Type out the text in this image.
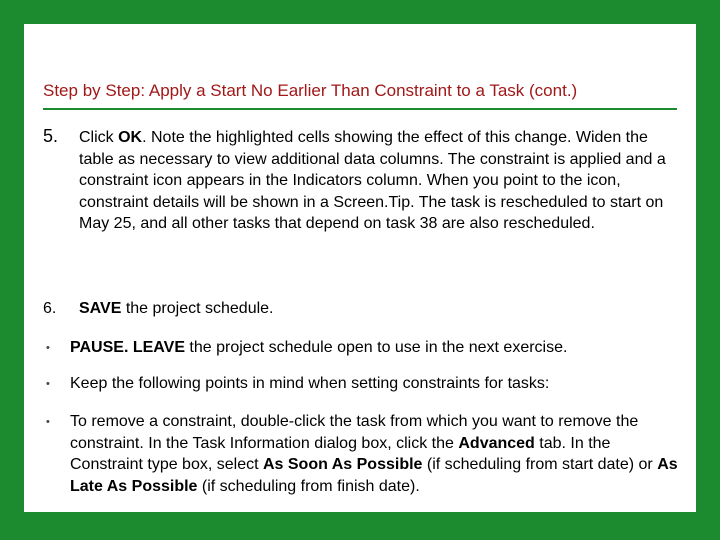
Step by Step: Apply a Start No Earlier Than Constraint to a Task (cont.)
5. Click OK. Note the highlighted cells showing the effect of this change. Widen the table as necessary to view additional data columns. The constraint is applied and a constraint icon appears in the Indicators column. When you point to the icon, constraint details will be shown in a Screen.Tip. The task is rescheduled to start on May 25, and all other tasks that depend on task 38 are also rescheduled.
6. SAVE the project schedule.
• PAUSE. LEAVE the project schedule open to use in the next exercise.
• Keep the following points in mind when setting constraints for tasks:
• To remove a constraint, double-click the task from which you want to remove the constraint. In the Task Information dialog box, click the Advanced tab. In the Constraint type box, select As Soon As Possible (if scheduling from start date) or As Late As Possible (if scheduling from finish date).
